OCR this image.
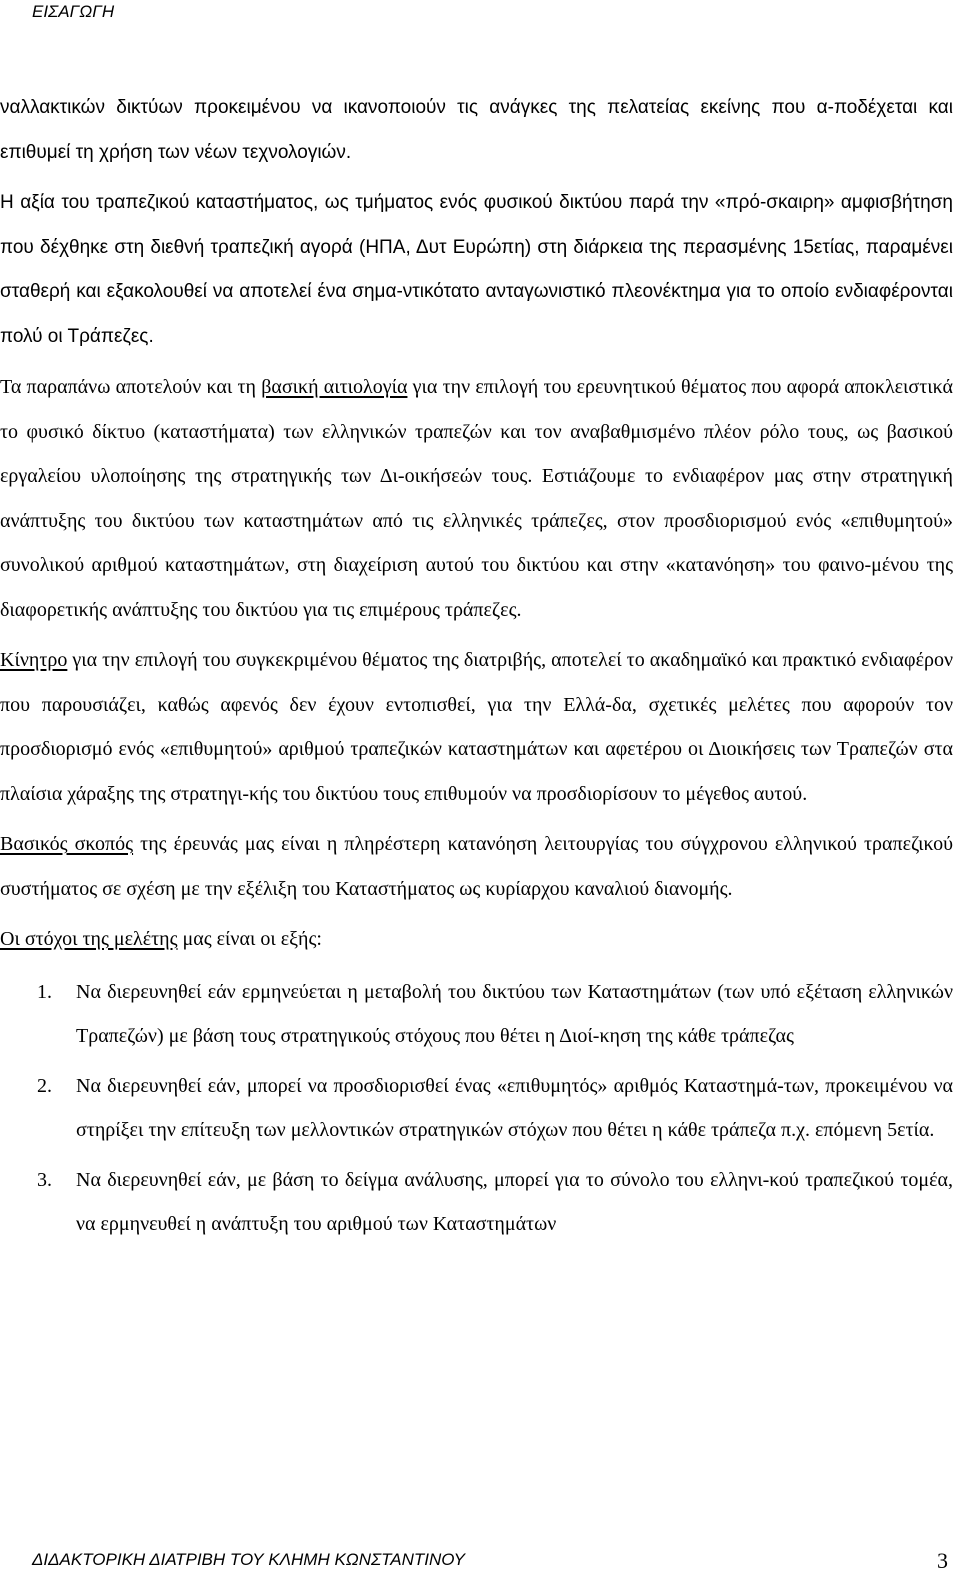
ΕΙΣΑΓΩΓΗ

ναλλακτικών δικτύων προκειμένου να ικανοποιούν τις ανάγκες της πελατείας εκείνης που α-ποδέχεται και επιθυμεί τη χρήση των νέων τεχνολογιών.

Η αξία του τραπεζικού καταστήματος, ως τμήματος ενός φυσικού δικτύου παρά την «πρό-σκαιρη» αμφισβήτηση που δέχθηκε στη διεθνή τραπεζική αγορά (ΗΠΑ, Δυτ Ευρώπη) στη διάρκεια της περασμένης 15ετίας, παραμένει σταθερή και εξακολουθεί να αποτελεί ένα σημα-ντικότατο ανταγωνιστικό πλεονέκτημα για το οποίο ενδιαφέρονται πολύ οι Τράπεζες.

Τα παραπάνω αποτελούν και τη βασική αιτιολογία για την επιλογή του ερευνητικού θέματος που αφορά αποκλειστικά το φυσικό δίκτυο (καταστήματα) των ελληνικών τραπεζών και τον αναβαθμισμένο πλέον ρόλο τους, ως βασικού εργαλείου υλοποίησης της στρατηγικής των Δι-οικήσεών τους. Εστιάζουμε το ενδιαφέρον μας στην στρατηγική ανάπτυξης του δικτύου των καταστημάτων από τις ελληνικές τράπεζες, στον προσδιορισμού ενός «επιθυμητού» συνολικού αριθμού καταστημάτων, στη διαχείριση αυτού του δικτύου και στην «κατανόηση» του φαινο-μένου της διαφορετικής ανάπτυξης του δικτύου για τις επιμέρους τράπεζες.

Κίνητρο για την επιλογή του συγκεκριμένου θέματος της διατριβής, αποτελεί το ακαδημαϊκό και πρακτικό ενδιαφέρον που παρουσιάζει, καθώς αφενός δεν έχουν εντοπισθεί, για την Ελλά-δα, σχετικές μελέτες που αφορούν τον προσδιορισμό ενός «επιθυμητού» αριθμού τραπεζικών καταστημάτων και αφετέρου οι Διοικήσεις των Τραπεζών στα πλαίσια χάραξης της στρατηγι-κής του δικτύου τους επιθυμούν να προσδιορίσουν το μέγεθος αυτού.

Βασικός σκοπός της έρευνάς μας είναι η πληρέστερη κατανόηση λειτουργίας του σύγχρονου ελληνικού τραπεζικού συστήματος σε σχέση με την εξέλιξη του Καταστήματος ως κυρίαρχου καναλιού διανομής.

Οι στόχοι της μελέτης μας είναι οι εξής:

1.	Να διερευνηθεί εάν ερμηνεύεται η μεταβολή του δικτύου των Καταστημάτων (των υπό εξέταση ελληνικών Τραπεζών) με βάση τους στρατηγικούς στόχους που θέτει η Διοί-κηση της κάθε τράπεζας
2.	Να διερευνηθεί εάν, μπορεί να προσδιορισθεί ένας «επιθυμητός» αριθμός Καταστημά-των, προκειμένου να στηρίξει την επίτευξη των μελλοντικών στρατηγικών στόχων που θέτει η κάθε τράπεζα π.χ. επόμενη 5ετία.
3.	Να διερευνηθεί εάν, με βάση το δείγμα ανάλυσης, μπορεί για το σύνολο του ελληνι-κού τραπεζικού τομέα, να ερμηνευθεί η ανάπτυξη του αριθμού των Καταστημάτων
ΔΙΔΑΚΤΟΡΙΚΗ ΔΙΑΤΡΙΒΗ ΤΟΥ ΚΛΗΜΗ ΚΩΝΣΤΑΝΤΙΝΟΥ	3
